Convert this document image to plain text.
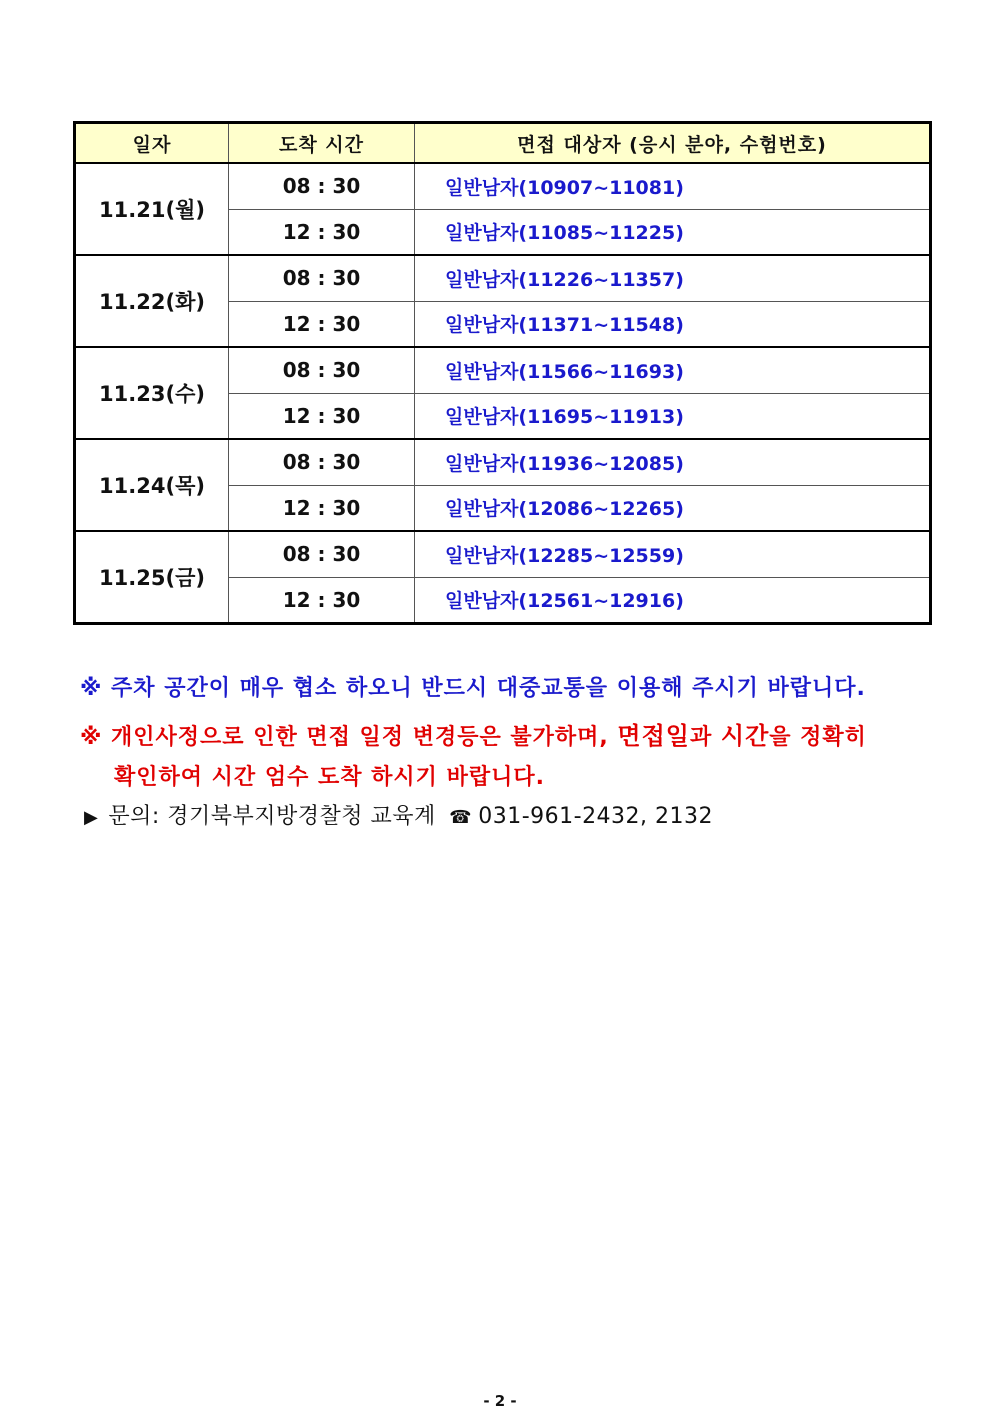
일자	도착 시간	면접 대상자 (응시 분야, 수험번호)
11.21(월)	08 : 30	일반남자(10907~11081)
	12 : 30	일반남자(11085~11225)
11.22(화)	08 : 30	일반남자(11226~11357)
	12 : 30	일반남자(11371~11548)
11.23(수)	08 : 30	일반남자(11566~11693)
	12 : 30	일반남자(11695~11913)
11.24(목)	08 : 30	일반남자(11936~12085)
	12 : 30	일반남자(12086~12265)
11.25(금)	08 : 30	일반남자(12285~12559)
	12 : 30	일반남자(12561~12916)
※ 주차 공간이 매우 협소 하오니 반드시 대중교통을 이용해 주시기 바랍니다.
※ 개인사정으로 인한 면접 일정 변경등은 불가하며, 면접일과 시간을 정확히
확인하여 시간 엄수 도착 하시기 바랍니다.
▶ 문의: 경기북부지방경찰청 교육계 ☎ 031-961-2432, 2132
- 2 -
